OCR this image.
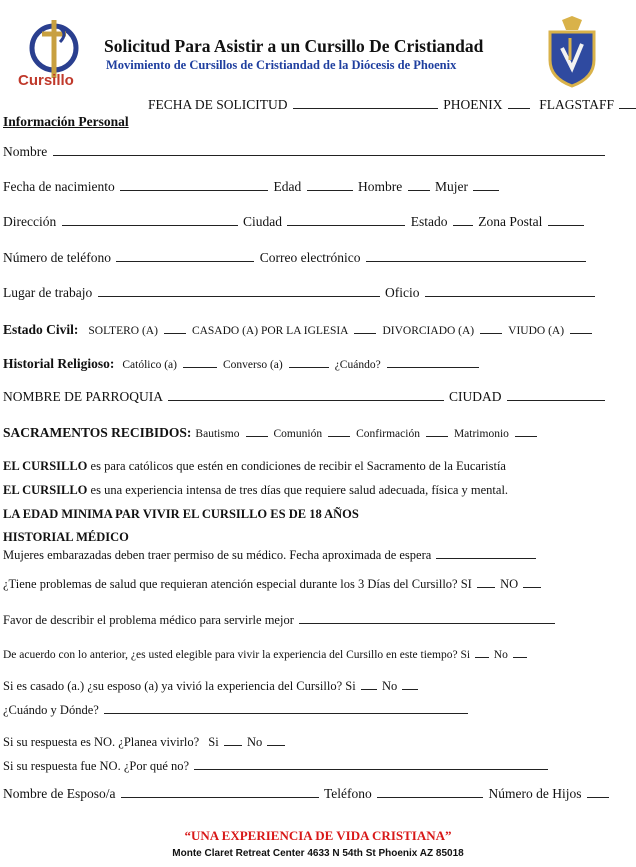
Cursillo
Solicitud Para Asistir a un Cursillo De Cristiandad
Movimiento de Cursillos de Cristiandad de la Diócesis de Phoenix
FECHA DE SOLICITUD	PHOENIX	FLAGSTAFF
Información Personal
Nombre
Fecha de nacimiento	Edad	Hombre Mujer
Dirección	Ciudad	Estado Zona Postal
Número de teléfono	Correo electrónico
Lugar de trabajo	Oficio
Estado Civil: SOLTERO (A)	CASADO (A) POR LA IGLESIA	DIVORCIADO (A)	VIUDO (A)
Historial Religioso: Católico (a)	Converso (a)	¿Cuándo?
NOMBRE DE PARROQUIA	CIUDAD
SACRAMENTOS RECIBIDOS: Bautismo	Comunión	Confirmación	Matrimonio
EL CURSILLO es para católicos que estén en condiciones de recibir el Sacramento de la Eucaristía
EL CURSILLO es una experiencia intensa de tres días que requiere salud adecuada, física y mental.
LA EDAD MINIMA PAR VIVIR EL CURSILLO ES DE 18 AÑOS
HISTORIAL MÉDICO
Mujeres embarazadas deben traer permiso de su médico. Fecha aproximada de espera
¿Tiene problemas de salud que requieran atención especial durante los 3 Días del Cursillo? SI NO
Favor de describir el problema médico para servirle mejor
De acuerdo con lo anterior, ¿es usted elegible para vivir la experiencia del Cursillo en este tiempo? Si No
Si es casado (a.) ¿su esposo (a) ya vivió la experiencia del Cursillo? Si No
¿Cuándo y Dónde?
Si su respuesta es NO. ¿Planea vivirlo? Si No
Si su respuesta fue NO. ¿Por qué no?
Nombre de Esposo/a	Teléfono	Número de Hijos
“UNA EXPERIENCIA DE VIDA CRISTIANA”
Monte Claret Retreat Center 4633 N 54th St Phoenix AZ 85018
